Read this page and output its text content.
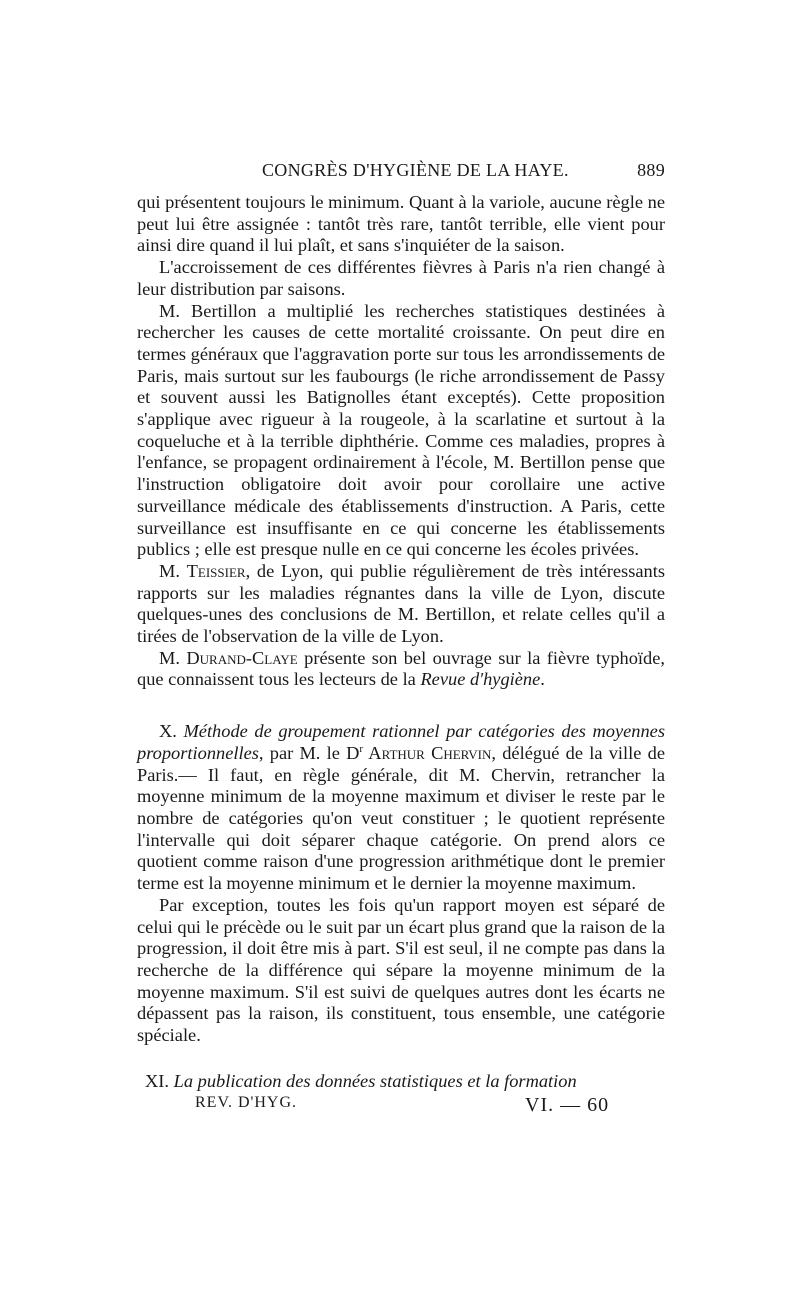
CONGRÈS D'HYGIÈNE DE LA HAYE.	889

qui présentent toujours le minimum. Quant à la variole, aucune règle ne peut lui être assignée : tantôt très rare, tantôt terrible, elle vient pour ainsi dire quand il lui plaît, et sans s'inquiéter de la saison.

L'accroissement de ces différentes fièvres à Paris n'a rien changé à leur distribution par saisons.

M. Bertillon a multiplié les recherches statistiques destinées à rechercher les causes de cette mortalité croissante. On peut dire en termes généraux que l'aggravation porte sur tous les arrondissements de Paris, mais surtout sur les faubourgs (le riche arrondissement de Passy et souvent aussi les Batignolles étant exceptés). Cette proposition s'applique avec rigueur à la rougeole, à la scarlatine et surtout à la coqueluche et à la terrible diphthérie. Comme ces maladies, propres à l'enfance, se propagent ordinairement à l'école, M. Bertillon pense que l'instruction obligatoire doit avoir pour corollaire une active surveillance médicale des établissements d'instruction. A Paris, cette surveillance est insuffisante en ce qui concerne les établissements publics ; elle est presque nulle en ce qui concerne les écoles privées.

M. Teissier, de Lyon, qui publie régulièrement de très intéressants rapports sur les maladies régnantes dans la ville de Lyon, discute quelques-unes des conclusions de M. Bertillon, et relate celles qu'il a tirées de l'observation de la ville de Lyon.

M. Durand-Claye présente son bel ouvrage sur la fièvre typhoïde, que connaissent tous les lecteurs de la Revue d'hygiène.

X. Méthode de groupement rationnel par catégories des moyennes proportionnelles, par M. le $D^r$ Arthur Chervin, délégué de la ville de Paris.— Il faut, en règle générale, dit M. Chervin, retrancher la moyenne minimum de la moyenne maximum et diviser le reste par le nombre de catégories qu'on veut constituer ; le quotient représente l'intervalle qui doit séparer chaque catégorie. On prend alors ce quotient comme raison d'une progression arithmétique dont le premier terme est la moyenne minimum et le dernier la moyenne maximum.

Par exception, toutes les fois qu'un rapport moyen est séparé de celui qui le précède ou le suit par un écart plus grand que la raison de la progression, il doit être mis à part. S'il est seul, il ne compte pas dans la recherche de la différence qui sépare la moyenne minimum de la moyenne maximum. S'il est suivi de quelques autres dont les écarts ne dépassent pas la raison, ils constituent, tous ensemble, une catégorie spéciale.

XI. La publication des données statistiques et la formation

REV. D'HYG.	VI. — 60
